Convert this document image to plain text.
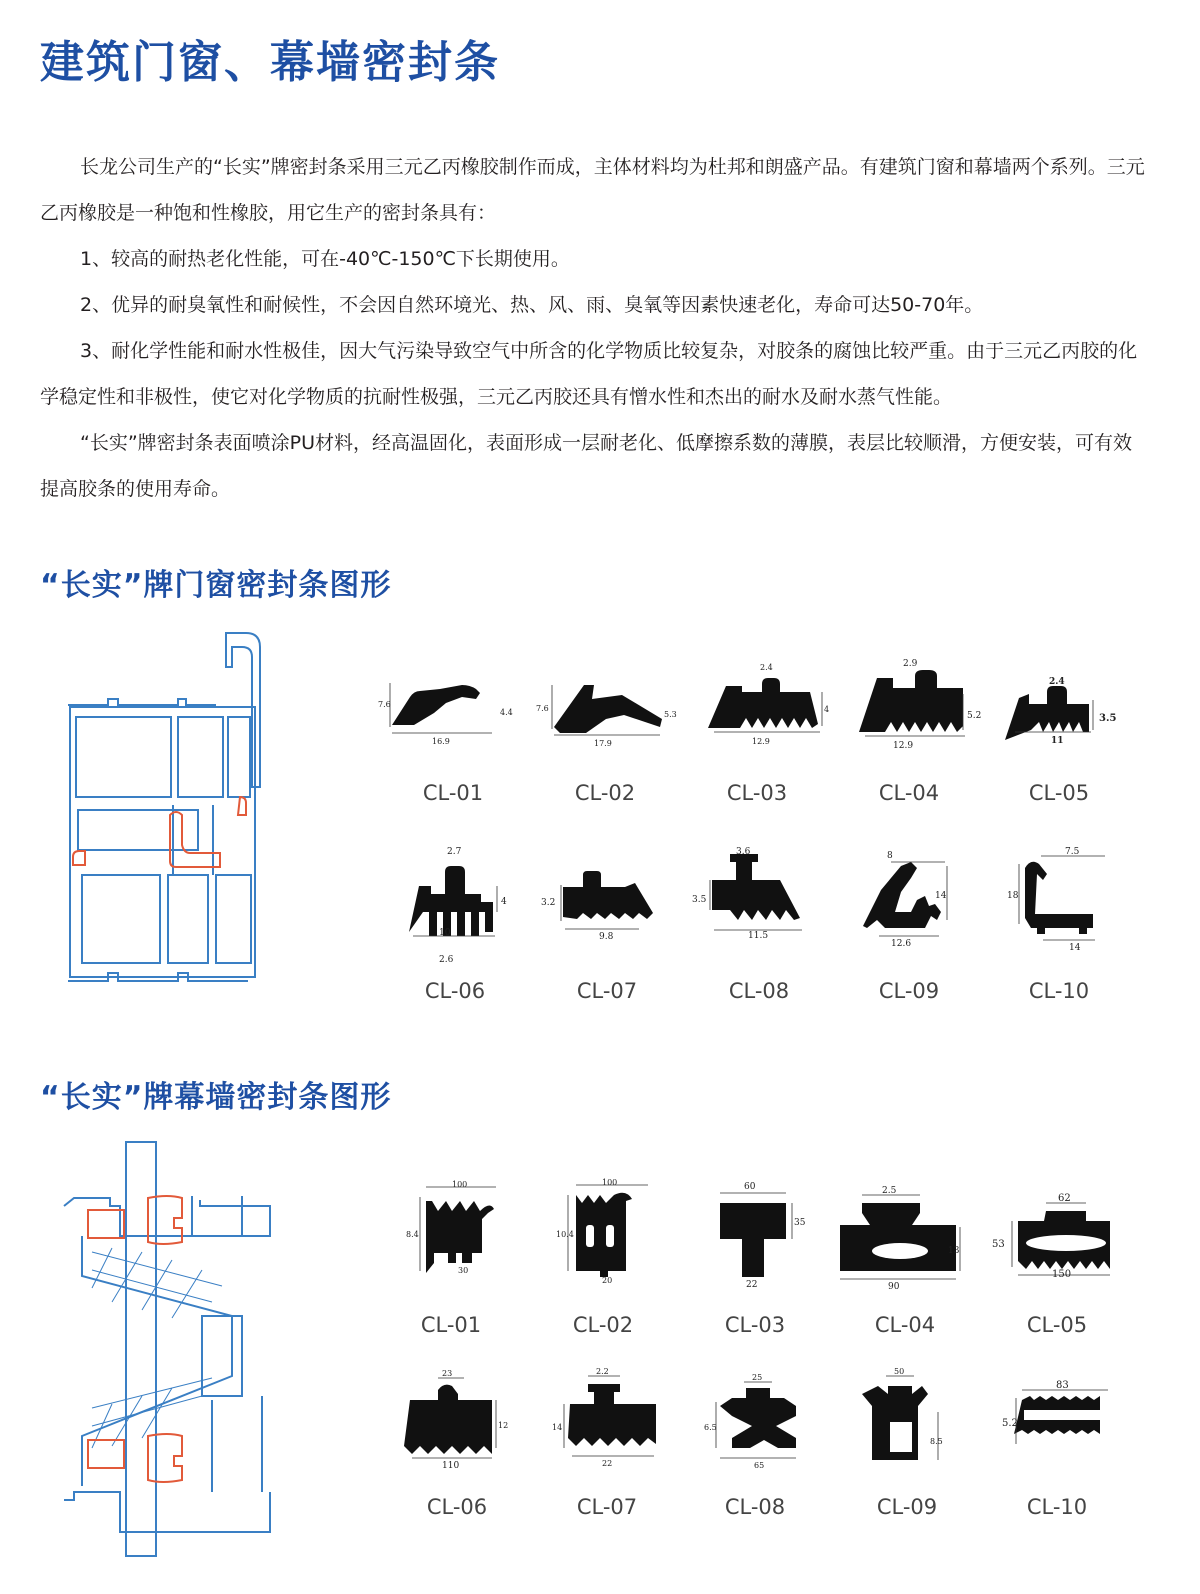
建筑门窗、幕墙密封条

长龙公司生产的“长实”牌密封条采用三元乙丙橡胶制作而成，主体材料均为杜邦和朗盛产品。有建筑门窗和幕墙两个系列。三元乙丙橡胶是一种饱和性橡胶，用它生产的密封条具有：

1、较高的耐热老化性能，可在-40℃-150℃下长期使用。

2、优异的耐臭氧性和耐候性，不会因自然环境光、热、风、雨、臭氧等因素快速老化，寿命可达50-70年。

3、耐化学性能和耐水性极佳，因大气污染导致空气中所含的化学物质比较复杂，对胶条的腐蚀比较严重。由于三元乙丙胶的化学稳定性和非极性，使它对化学物质的抗耐性极强，三元乙丙胶还具有憎水性和杰出的耐水及耐水蒸气性能。

“长实”牌密封条表面喷涂PU材料，经高温固化，表面形成一层耐老化、低摩擦系数的薄膜，表层比较顺滑，方便安装，可有效提高胶条的使用寿命。

“长实”牌门窗密封条图形
7.6
16.9
4.4	7.6
17.9
5.3
2.4
12.9
4
2.9
12.9
5.2
2.4
11
3.5
CL-01	CL-02	CL-03	CL-04	CL-05
2.7
10
4
2.6
3.2
9.8
3.6
3.5
11.5
8
14
12.6
7.5
18
14
CL-06	CL-07	CL-08	CL-09	CL-10
“长实”牌幕墙密封条图形
100
8.4
30
100
10.4
20
60
35
22
2.5
13
90
62
53
150
CL-01	CL-02	CL-03	CL-04	CL-05
23
12
110
2.2
14
22
25
6.5
65
50
8.5
83
5.2
CL-06	CL-07	CL-08	CL-09	CL-10
